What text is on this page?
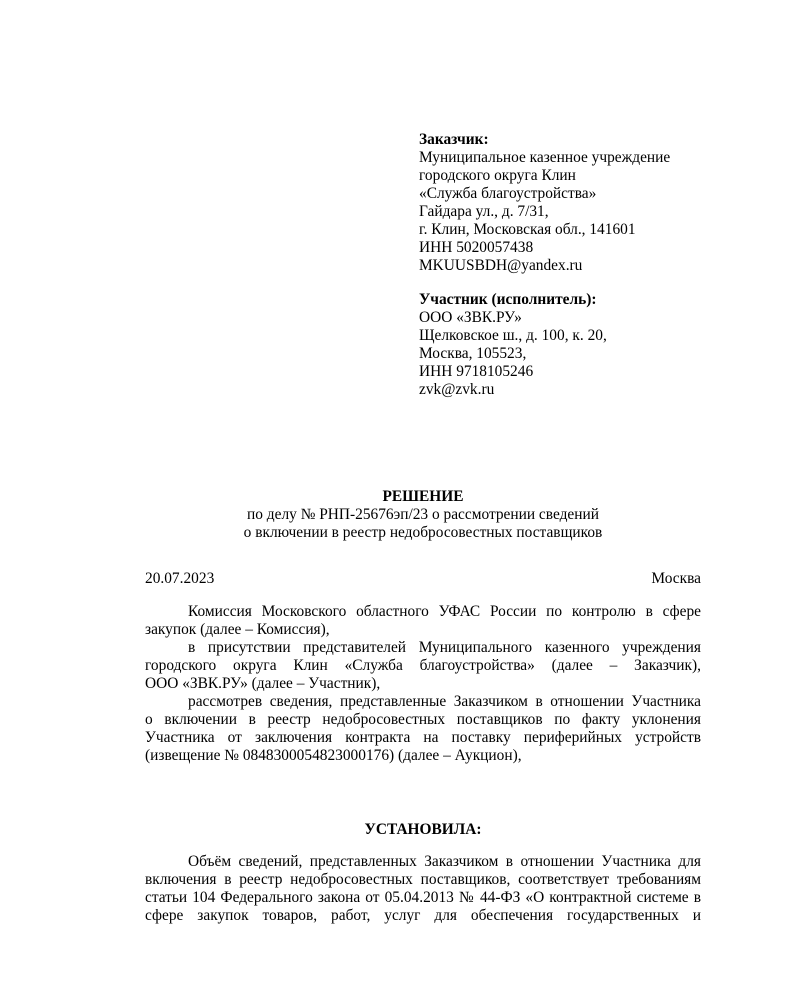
Заказчик:
Муниципальное казенное учреждение
городского округа Клин
«Служба благоустройства»
Гайдара ул., д. 7/31,
г. Клин, Московская обл., 141601
ИНН 5020057438
MKUUSBDH@yandex.ru
Участник (исполнитель):
ООО «ЗВК.РУ»
Щелковское ш., д. 100, к. 20,
Москва, 105523,
ИНН 9718105246
zvk@zvk.ru
РЕШЕНИЕ
по делу № РНП-25676эп/23 о рассмотрении сведений
о включении в реестр недобросовестных поставщиков
20.07.2023	Москва
Комиссия Московского областного УФАС России по контролю в сфере
закупок (далее – Комиссия),
в присутствии представителей Муниципального казенного учреждения
городского округа Клин «Служба благоустройства» (далее – Заказчик),
ООО «ЗВК.РУ» (далее – Участник),
рассмотрев сведения, представленные Заказчиком в отношении Участника
о включении в реестр недобросовестных поставщиков по факту уклонения
Участника от заключения контракта на поставку периферийных устройств
(извещение № 0848300054823000176) (далее – Аукцион),
УСТАНОВИЛА:
Объём сведений, представленных Заказчиком в отношении Участника для
включения в реестр недобросовестных поставщиков, соответствует требованиям
статьи 104 Федерального закона от 05.04.2013 № 44-ФЗ «О контрактной системе в
сфере закупок товаров, работ, услуг для обеспечения государственных и
